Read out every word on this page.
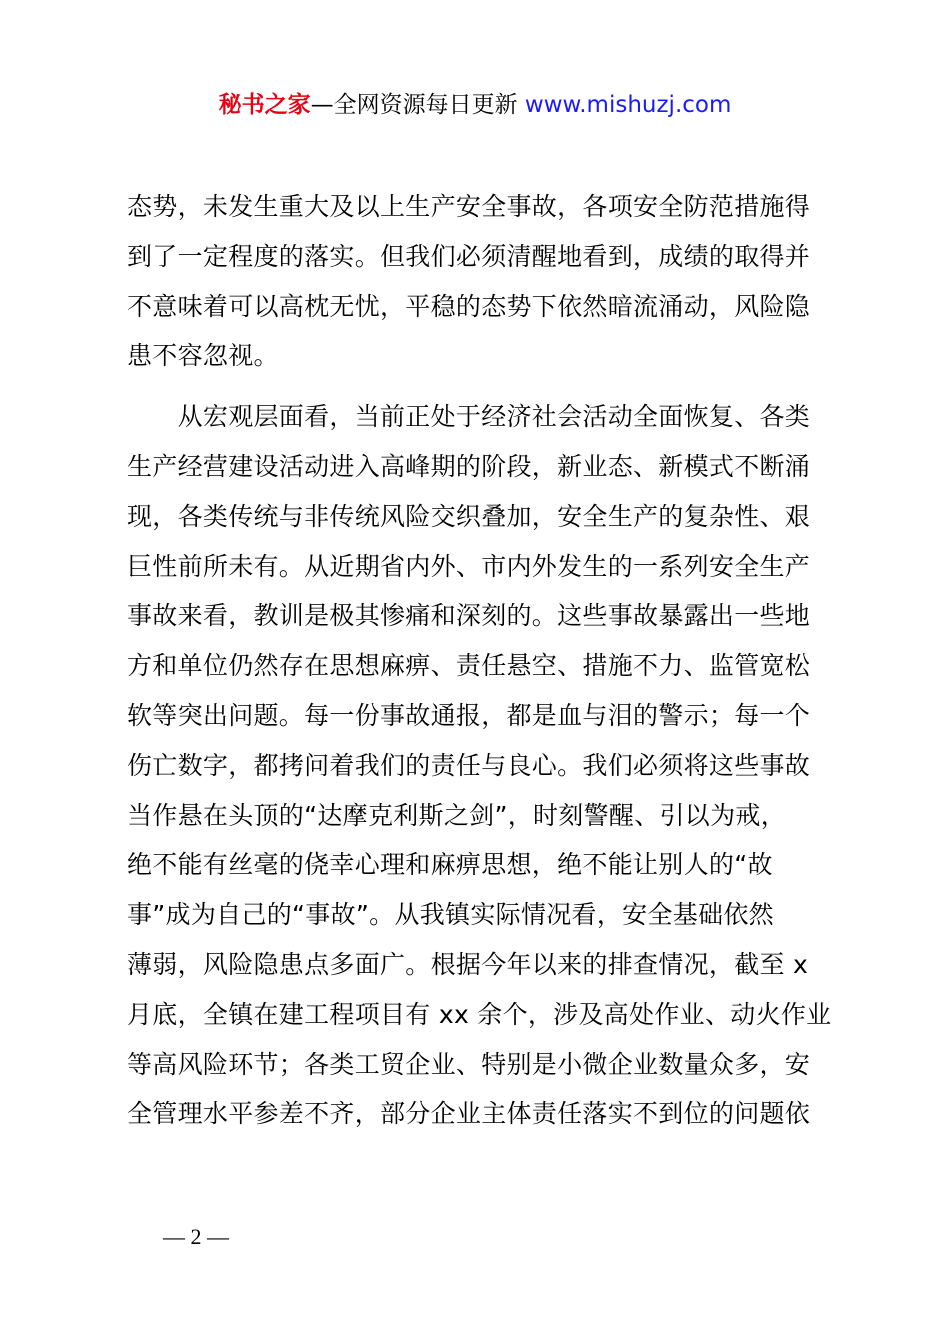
秘书之家—全网资源每日更新 www.mishuzj.com

态势，未发生重大及以上生产安全事故，各项安全防范措施得

到了一定程度的落实。但我们必须清醒地看到，成绩的取得并

不意味着可以高枕无忧，平稳的态势下依然暗流涌动，风险隐

患不容忽视。

　　从宏观层面看，当前正处于经济社会活动全面恢复、各类

生产经营建设活动进入高峰期的阶段，新业态、新模式不断涌

现，各类传统与非传统风险交织叠加，安全生产的复杂性、艰

巨性前所未有。从近期省内外、市内外发生的一系列安全生产

事故来看，教训是极其惨痛和深刻的。这些事故暴露出一些地

方和单位仍然存在思想麻痹、责任悬空、措施不力、监管宽松

软等突出问题。每一份事故通报，都是血与泪的警示；每一个

伤亡数字，都拷问着我们的责任与良心。我们必须将这些事故

当作悬在头顶的“达摩克利斯之剑”，时刻警醒、引以为戒，

绝不能有丝毫的侥幸心理和麻痹思想，绝不能让别人的“故

事”成为自己的“事故”。从我镇实际情况看，安全基础依然

薄弱，风险隐患点多面广。根据今年以来的排查情况，截至 x

月底，全镇在建工程项目有 xx 余个，涉及高处作业、动火作业

等高风险环节；各类工贸企业、特别是小微企业数量众多，安

全管理水平参差不齐，部分企业主体责任落实不到位的问题依

— 2 —
